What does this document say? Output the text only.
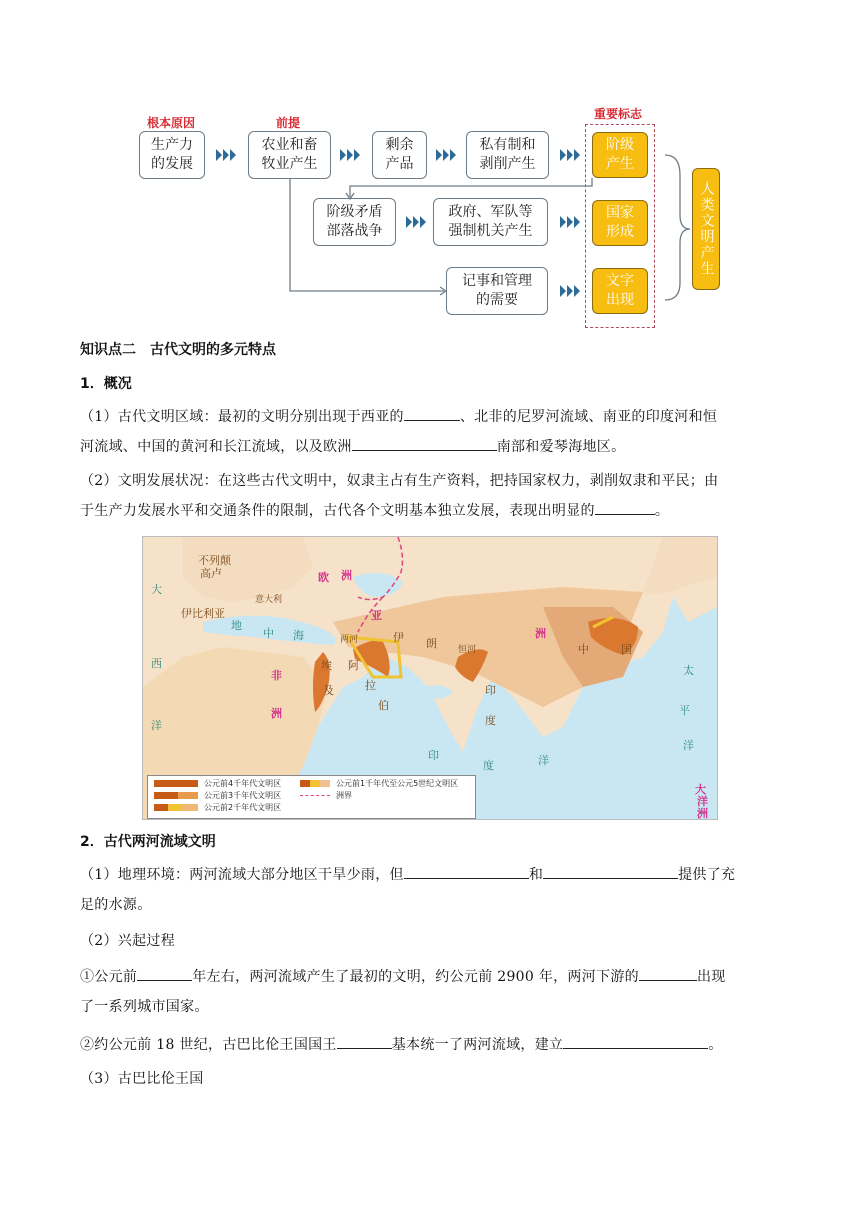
根本原因	前提
重要标志
生产力
的发展
农业和畜
牧业产生
剩余
产品
私有制和
剥削产生
阶级矛盾
部落战争
政府、军队等
强制机关产生
记事和管理
的需要
阶级
产生
国家
形成
文字
出现
人类文明产生
知识点二　古代文明的多元特点
1．概况
（1）古代文明区域：最初的文明分别出现于西亚的	、北非的尼罗河流域、南亚的印度河和恒
河流域、中国的黄河和长江流域，以及欧洲	南部和爱琴海地区。
（2）文明发展状况：在这些古代文明中，奴隶主占有生产资料，把持国家权力，剥削奴隶和平民；由
于生产力发展水平和交通条件的限制，古代各个文明基本独立发展，表现出明显的	。
不列颠
高卢
伊比利亚
意大利
亚
伊 朗
两河
埃 阿
拉
伯
及	印
度
中	国
恒河
欧 洲
洲
非
洲
大
西
洋
地
中 海
印
度	洋
太
平
洋
大
洋
洲
公元前4千年代文明区
公元前3千年代文明区
公元前2千年代文明区
公元前1千年代至公元5世纪文明区
洲界
2．古代两河流域文明
（1）地理环境：两河流域大部分地区干旱少雨，但	和	提供了充
足的水源。
（2）兴起过程
①公元前	年左右，两河流域产生了最初的文明，约公元前 2900 年，两河下游的	出现
了一系列城市国家。
②约公元前 18 世纪，古巴比伦王国国王	基本统一了两河流域，建立	。
（3）古巴比伦王国
